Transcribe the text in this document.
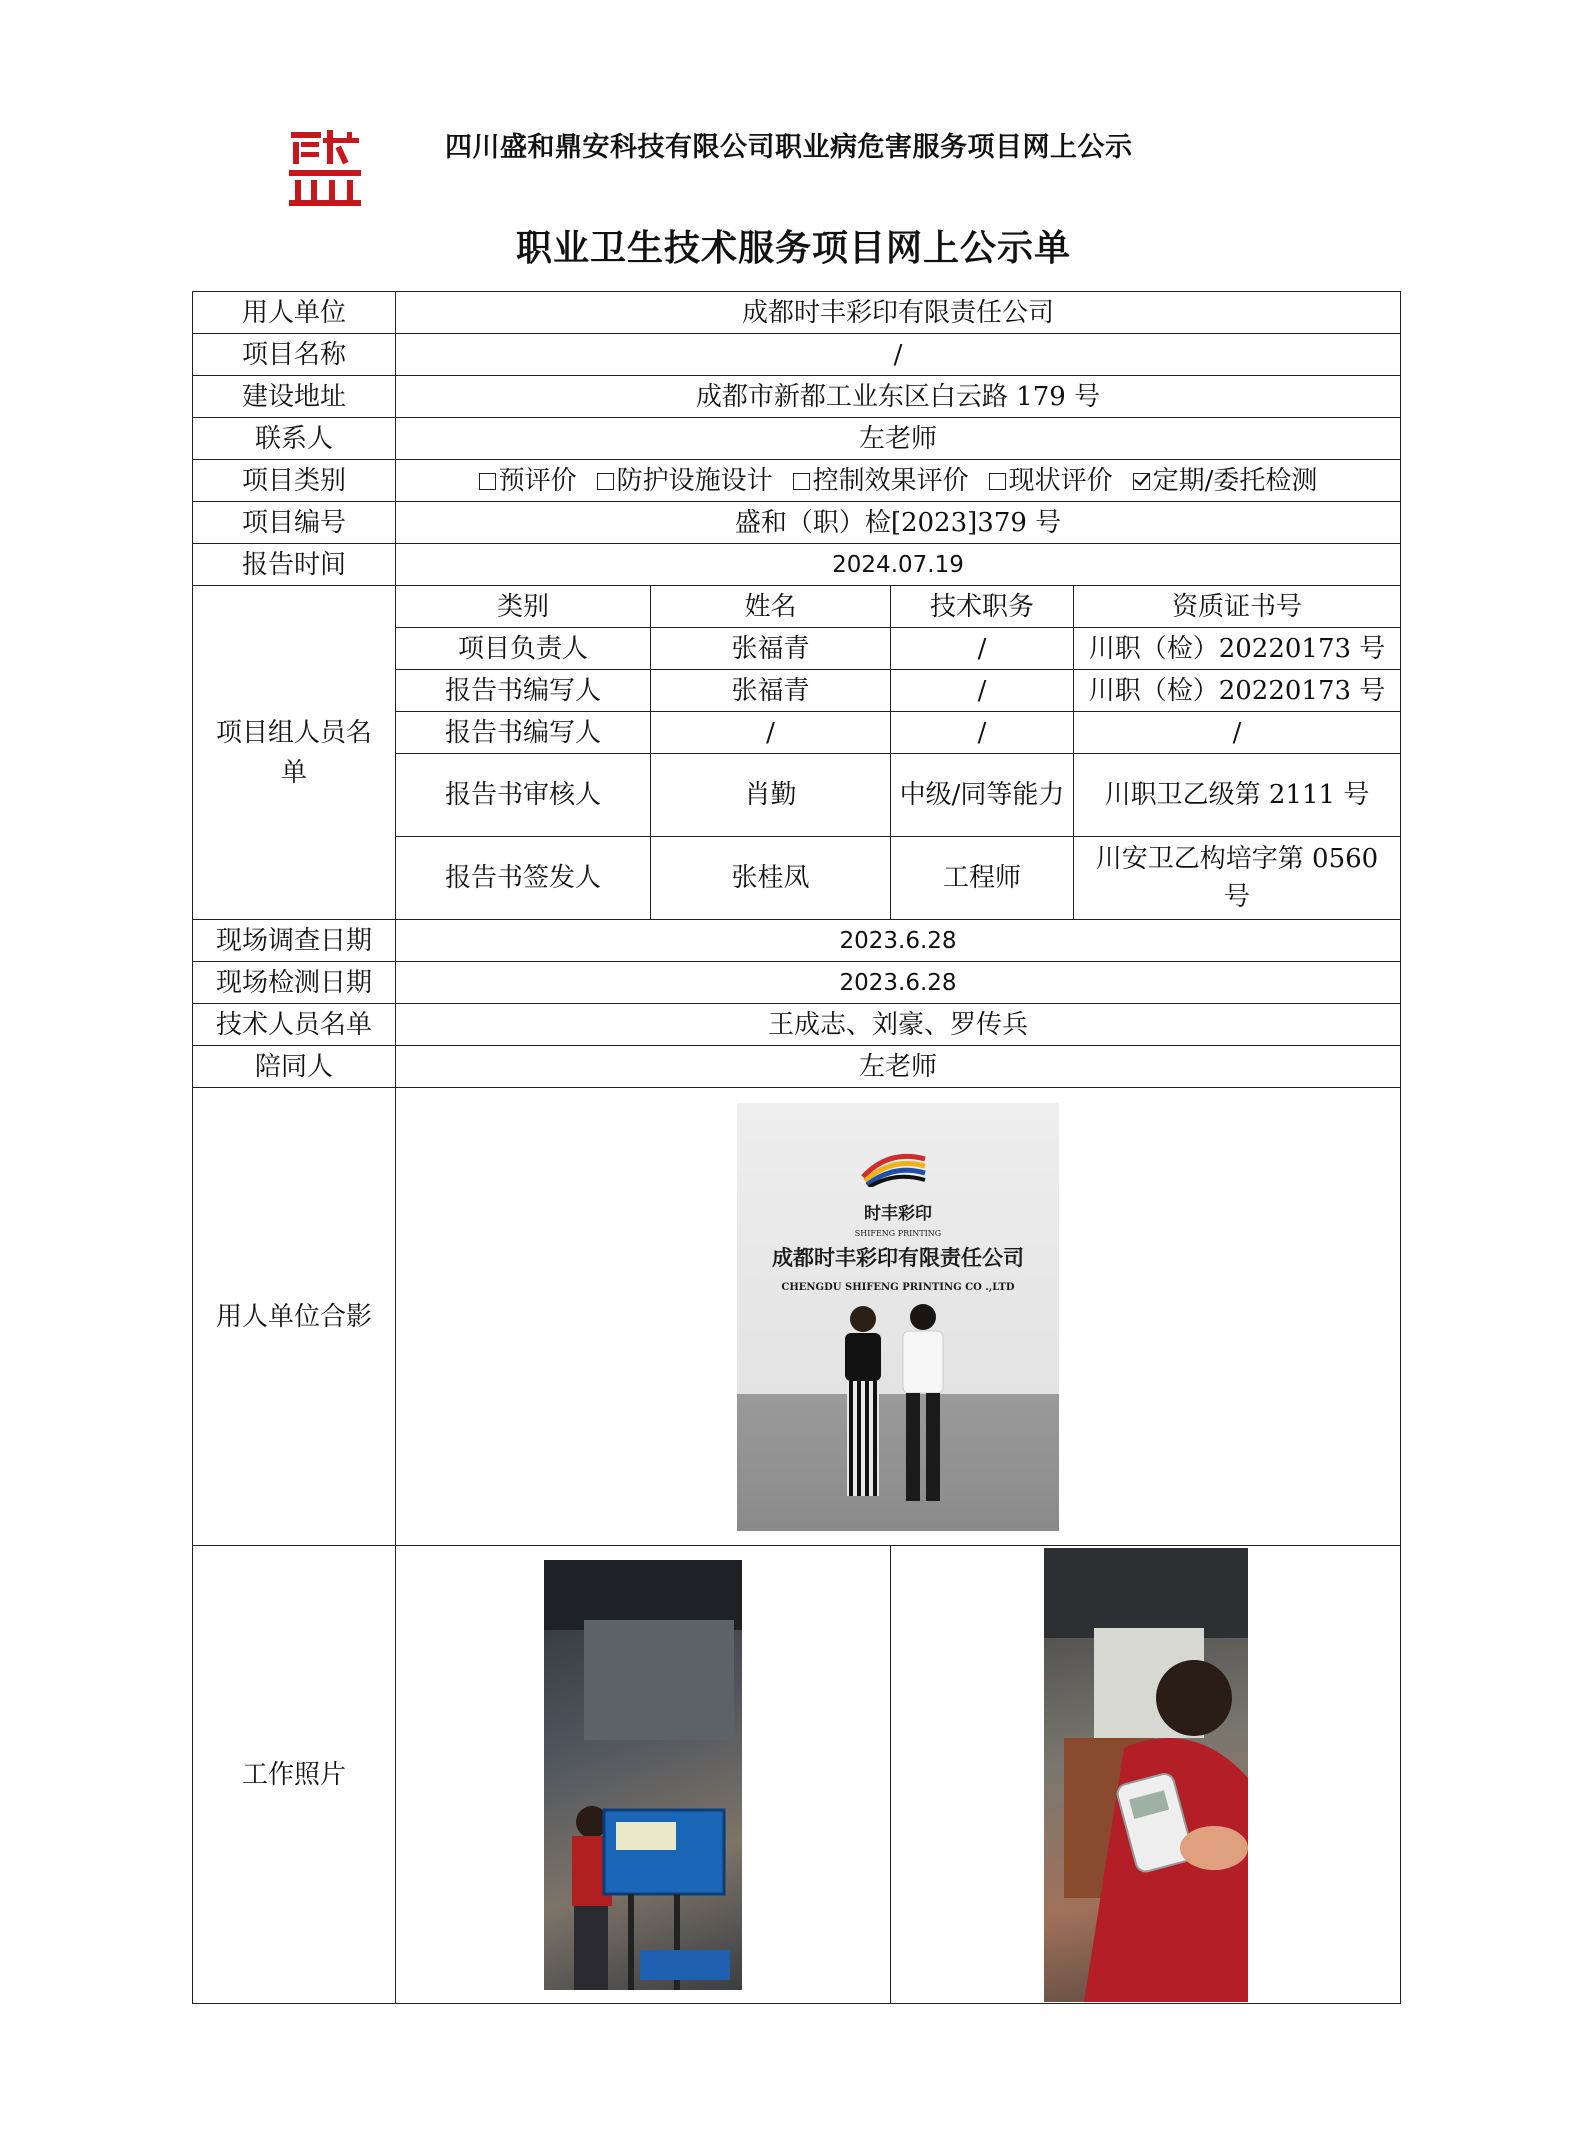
四川盛和鼎安科技有限公司职业病危害服务项目网上公示
职业卫生技术服务项目网上公示单
用人单位	成都时丰彩印有限责任公司			
项目名称	/			
建设地址	成都市新都工业东区白云路 179 号			
联系人	左老师			
项目类别	预评价 防护设施设计 控制效果评价 现状评价 定期/委托检测			
项目编号	盛和（职）检[2023]379 号			
报告时间	2024.07.19			
项目组人员名单	类别	姓名	技术职务	资质证书号
	项目负责人	张福青	/	川职（检）20220173 号
	报告书编写人	张福青	/	川职（检）20220173 号
	报告书编写人	/	/	/
	报告书审核人	肖勤	中级/同等能力	川职卫乙级第 2111 号
	报告书签发人	张桂凤	工程师	川安卫乙构培字第 0560 号

现场调查日期	2023.6.28			
现场检测日期	2023.6.28			
技术人员名单	王成志、刘豪、罗传兵			
陪同人	左老师			
用人单位合影	时丰彩印
SHIFENG PRINTING
成都时丰彩印有限责任公司
CHENGDU SHIFENG PRINTING CO .,LTD			

工作照片	
